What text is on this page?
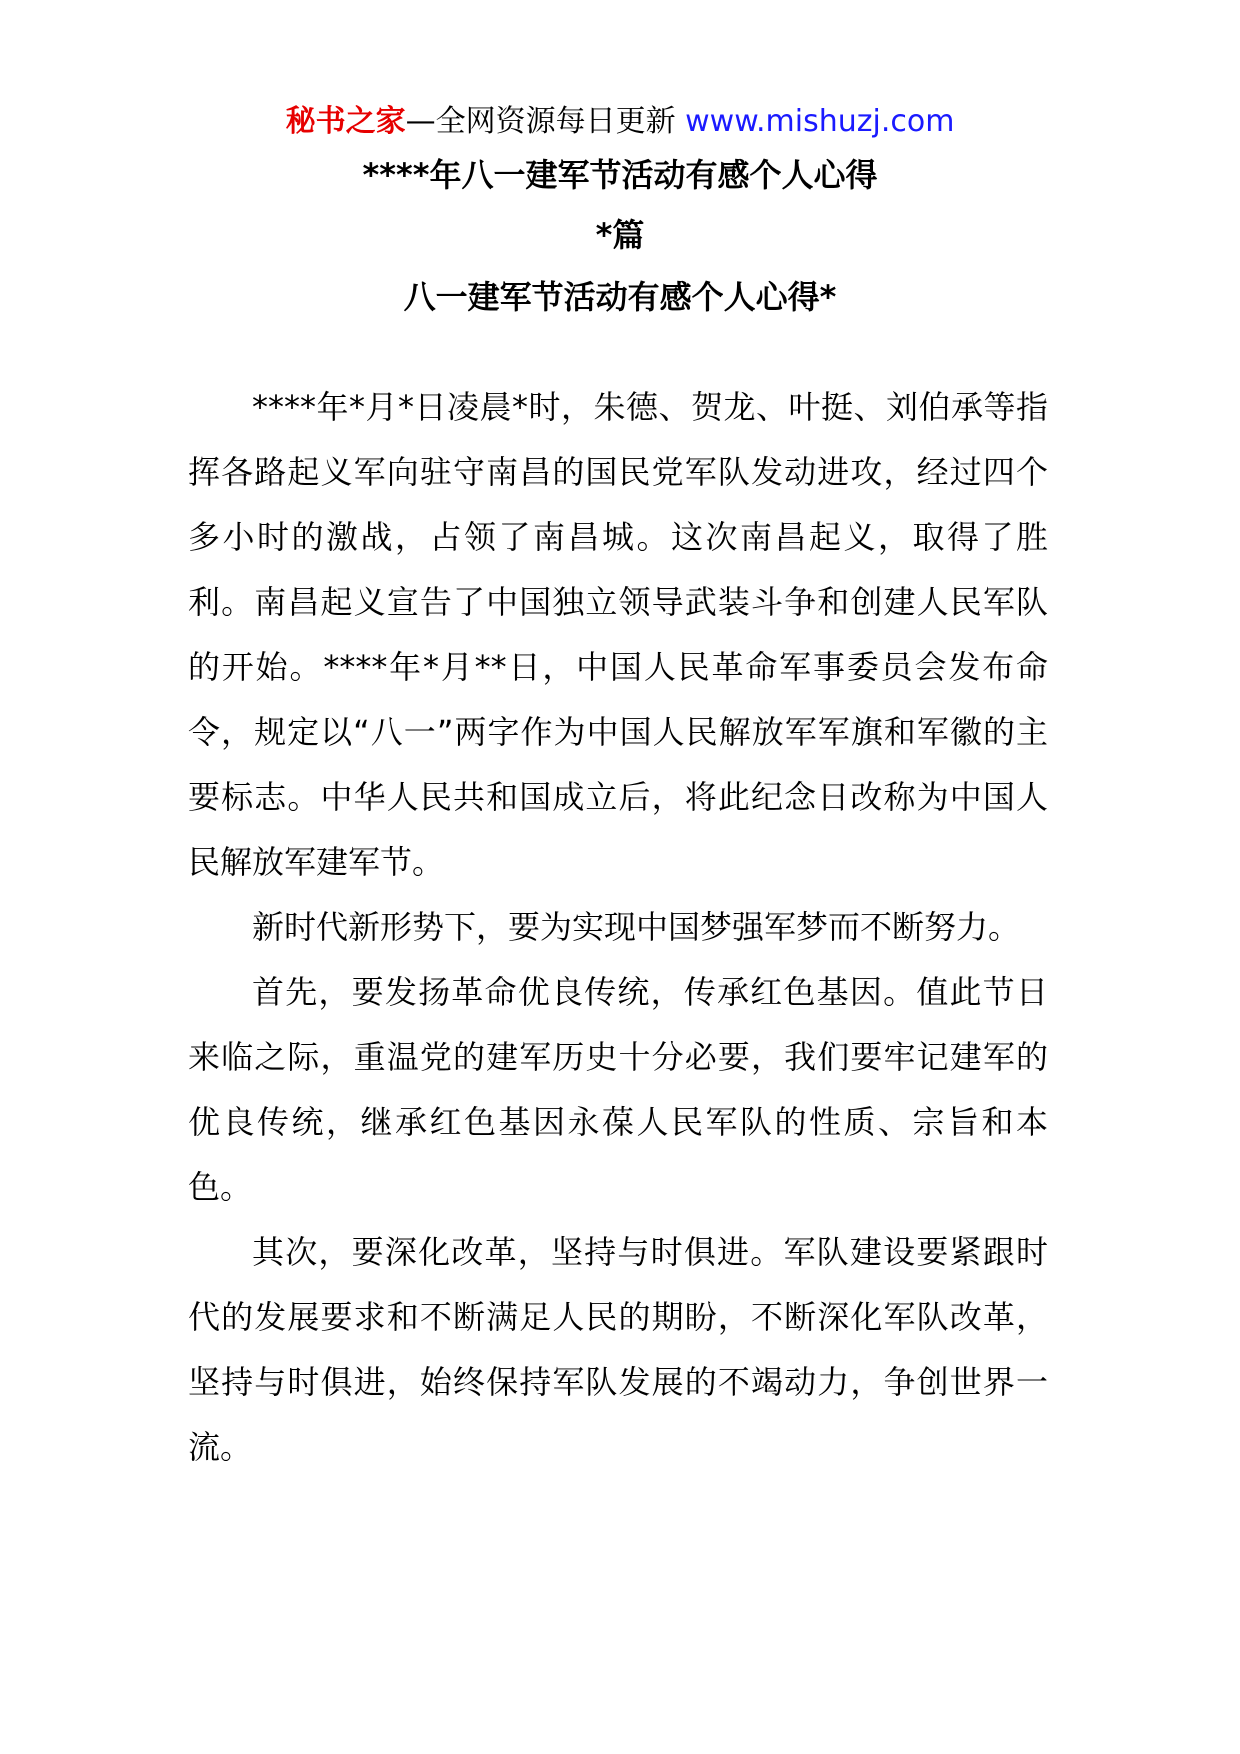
秘书之家—全网资源每日更新 www.mishuzj.com
****年八一建军节活动有感个人心得
*篇
八一建军节活动有感个人心得*

****年*月*日凌晨*时，朱德、贺龙、叶挺、刘伯承等指挥各路起义军向驻守南昌的国民党军队发动进攻，经过四个多小时的激战，占领了南昌城。这次南昌起义，取得了胜利。南昌起义宣告了中国独立领导武装斗争和创建人民军队的开始。****年*月**日，中国人民革命军事委员会发布命令，规定以“八一”两字作为中国人民解放军军旗和军徽的主要标志。中华人民共和国成立后，将此纪念日改称为中国人民解放军建军节。

新时代新形势下，要为实现中国梦强军梦而不断努力。

首先，要发扬革命优良传统，传承红色基因。值此节日来临之际，重温党的建军历史十分必要，我们要牢记建军的优良传统，继承红色基因永葆人民军队的性质、宗旨和本色。

其次，要深化改革，坚持与时俱进。军队建设要紧跟时代的发展要求和不断满足人民的期盼，不断深化军队改革，坚持与时俱进，始终保持军队发展的不竭动力，争创世界一流。
